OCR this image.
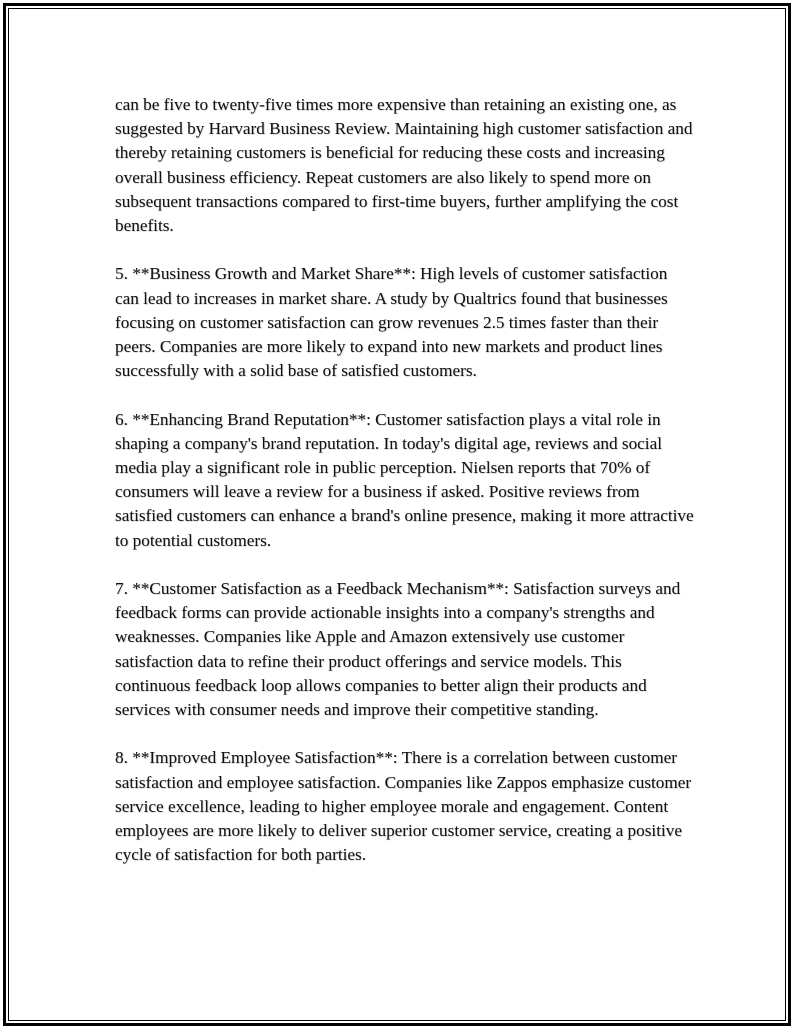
can be five to twenty-five times more expensive than retaining an existing one, as suggested by Harvard Business Review. Maintaining high customer satisfaction and thereby retaining customers is beneficial for reducing these costs and increasing overall business efficiency. Repeat customers are also likely to spend more on subsequent transactions compared to first-time buyers, further amplifying the cost benefits.

5. **Business Growth and Market Share**: High levels of customer satisfaction can lead to increases in market share. A study by Qualtrics found that businesses focusing on customer satisfaction can grow revenues 2.5 times faster than their peers. Companies are more likely to expand into new markets and product lines successfully with a solid base of satisfied customers.

6. **Enhancing Brand Reputation**: Customer satisfaction plays a vital role in shaping a company's brand reputation. In today's digital age, reviews and social media play a significant role in public perception. Nielsen reports that 70% of consumers will leave a review for a business if asked. Positive reviews from satisfied customers can enhance a brand's online presence, making it more attractive to potential customers.

7. **Customer Satisfaction as a Feedback Mechanism**: Satisfaction surveys and feedback forms can provide actionable insights into a company's strengths and weaknesses. Companies like Apple and Amazon extensively use customer satisfaction data to refine their product offerings and service models. This continuous feedback loop allows companies to better align their products and services with consumer needs and improve their competitive standing.

8. **Improved Employee Satisfaction**: There is a correlation between customer satisfaction and employee satisfaction. Companies like Zappos emphasize customer service excellence, leading to higher employee morale and engagement. Content employees are more likely to deliver superior customer service, creating a positive cycle of satisfaction for both parties.
